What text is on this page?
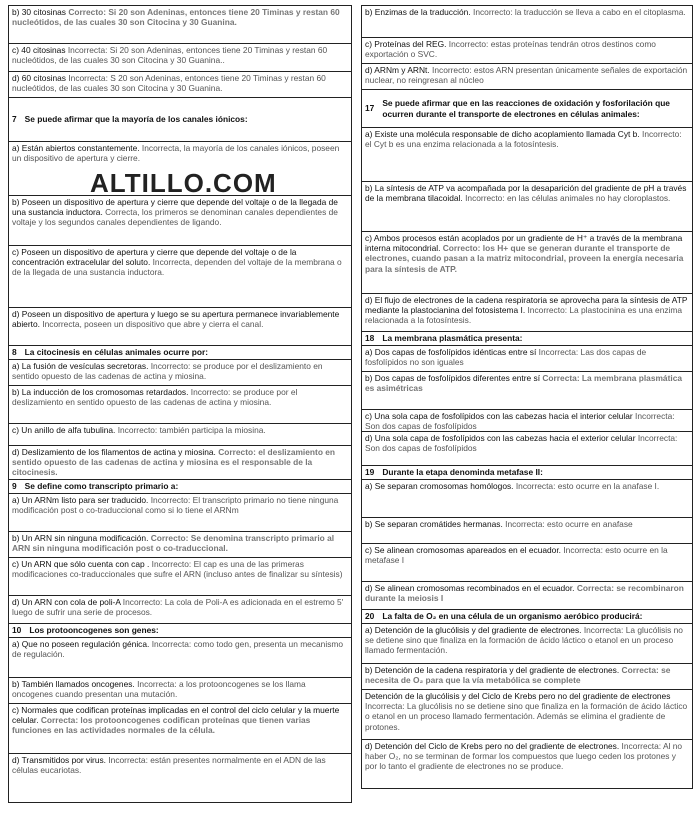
b) 30 citosinas Correcto: Si 20 son Adeninas, entonces tiene 20 Timinas y restan 60 nucleótidos, de las cuales 30 son Citocina y 30 Guanina.
c) 40 citosinas Incorrecta: Si 20 son Adeninas, entonces tiene 20 Timinas y restan 60 nucleótidos, de las cuales 30 son Citocina y 30 Guanina..
d) 60 citosinas Incorrecta: S 20 son Adeninas, entonces tiene 20 Timinas y restan 60 nucleótidos, de las cuales 30 son Citocina y 30 Guanina.
7 Se puede afirmar que la mayoría de los canales iónicos:
a) Están abiertos constantemente. Incorrecta, la mayoría de los canales iónicos, poseen un dispositivo de apertura y cierre.
b) Poseen un dispositivo de apertura y cierre que depende del voltaje o de la llegada de una sustancia inductora. Correcta, los primeros se denominan canales dependientes de voltaje y los segundos canales dependientes de ligando.
c) Poseen un dispositivo de apertura y cierre que depende del voltaje o de la concentración extracelular del soluto. Incorrecta, dependen del voltaje de la membrana o de la llegada de una sustancia inductora.
d) Poseen un dispositivo de apertura y luego se su apertura permanece invariablemente abierto. Incorrecta, poseen un dispositivo que abre y cierra el canal.
8 La citocinesis en células animales ocurre por:
a) La fusión de vesículas secretoras. Incorrecto: se produce por el deslizamiento en sentido opuesto de las cadenas de actina y miosina.
b) La inducción de los cromosomas retardados. Incorrecto: se produce por el deslizamiento en sentido opuesto de las cadenas de actina y miosina.
c) Un anillo de alfa tubulina. Incorrecto: también participa la miosina.
d) Deslizamiento de los filamentos de actina y miosina. Correcto: el deslizamiento en sentido opuesto de las cadenas de actina y miosina es el responsable de la citocinesis.
9 Se define como transcripto primario a:
a) Un ARNm listo para ser traducido. Incorrecto: El transcripto primario no tiene ninguna modificación post o co-traduccional como si lo tiene el ARNm
b) Un ARN sin ninguna modificación. Correcto: Se denomina transcripto primario al ARN sin ninguna modificación post o co-traduccional.
c) Un ARN que sólo cuenta con cap . Incorrecto: El cap es una de las primeras modificaciones co-traduccionales que sufre el ARN (incluso antes de finalizar su síntesis)
d) Un ARN con cola de poli-A Incorrecto: La cola de Poli-A es adicionada en el estremo 5' luego de sufrir una serie de procesos.
10 Los protooncogenes son genes:
a) Que no poseen regulación génica. Incorrecta: como todo gen, presenta un mecanismo de regulación.
b) También llamados oncogenes. Incorrecta: a los protooncogenes se los llama oncogenes cuando presentan una mutación.
c) Normales que codifican proteínas implicadas en el control del ciclo celular y la muerte celular. Correcta: los protooncogenes codifican proteínas que tienen varias funciones en las actividades normales de la célula.
d) Transmitidos por virus. Incorrecta: están presentes normalmente en el ADN de las células eucariotas.
b) Enzimas de la traducción. Incorrecto: la traducción se lleva a cabo en el citoplasma.
c) Proteínas del REG. Incorrecto: estas proteínas tendrán otros destinos como exportación o SVC.
d) ARNm y ARNt. Incorrecto: estos ARN presentan únicamente señales de exportación nuclear, no reingresan al núcleo
17
Se puede afirmar que en las reacciones de oxidación y fosforilación que ocurren durante el transporte de electrones en células animales:
a) Existe una molécula responsable de dicho acoplamiento llamada Cyt b. Incorrecto: el Cyt b es una enzima relacionada a la fotosíntesis.
b) La síntesis de ATP va acompañada por la desaparición del gradiente de pH a través de la membrana tilacoidal. Incorrecto: en las células animales no hay cloroplastos.
c) Ambos procesos están acoplados por un gradiente de H⁺ a través de la membrana interna mitocondrial. Correcto: los H+ que se generan durante el transporte de electrones, cuando pasan a la matriz mitocondrial, proveen la energía necesaria para la síntesis de ATP.
d) El flujo de electrones de la cadena respiratoria se aprovecha para la síntesis de ATP mediante la plastocianina del fotosistema I. Incorrecto: La plastocinina es una enzima relacionada a la fotosíntesis.
18 La membrana plasmática presenta:
a) Dos capas de fosfolípidos idénticas entre sí Incorrecta: Las dos capas de fosfolípidos no son iguales
b) Dos capas de fosfolípidos diferentes entre sí Correcta: La membrana plasmática es asimétricas
c) Una sola capa de fosfolípidos con las cabezas hacia el interior celular Incorrecta: Son dos capas de fosfolípidos
d) Una sola capa de fosfolípidos con las cabezas hacia el exterior celular Incorrecta: Son dos capas de fosfolípidos
19 Durante la etapa denominda metafase II:
a) Se separan cromosomas homólogos. Incorrecta: esto ocurre en la anafase I.
b) Se separan cromátides hermanas. Incorrecta: esto ocurre en anafase
c) Se alinean cromosomas apareados en el ecuador. Incorrecta: esto ocurre en la metafase I
d) Se alinean cromosomas recombinados en el ecuador. Correcta: se recombinaron durante la meiosis I
20 La falta de O₂ en una célula de un organismo aeróbico producirá:
a) Detención de la glucólisis y del gradiente de electrones. Incorrecta: La glucólisis no se detiene sino que finaliza en la formación de ácido láctico o etanol en un proceso llamado fermentación.
b) Detención de la cadena respiratoria y del gradiente de electrones. Correcta: se necesita de O₂ para que la vía metabólica se complete
Detención de la glucólisis y del Ciclo de Krebs pero no del gradiente de electrones Incorrecta: La glucólisis no se detiene sino que finaliza en la formación de ácido láctico o etanol en un proceso llamado fermentación. Además se elimina el gradiente de protones.
d) Detención del Ciclo de Krebs pero no del gradiente de electrones. Incorrecta: Al no haber O₂, no se terminan de formar los compuestos que luego ceden los protones y por lo tanto el gradiente de electrones no se produce.
ALTILLO.COM
